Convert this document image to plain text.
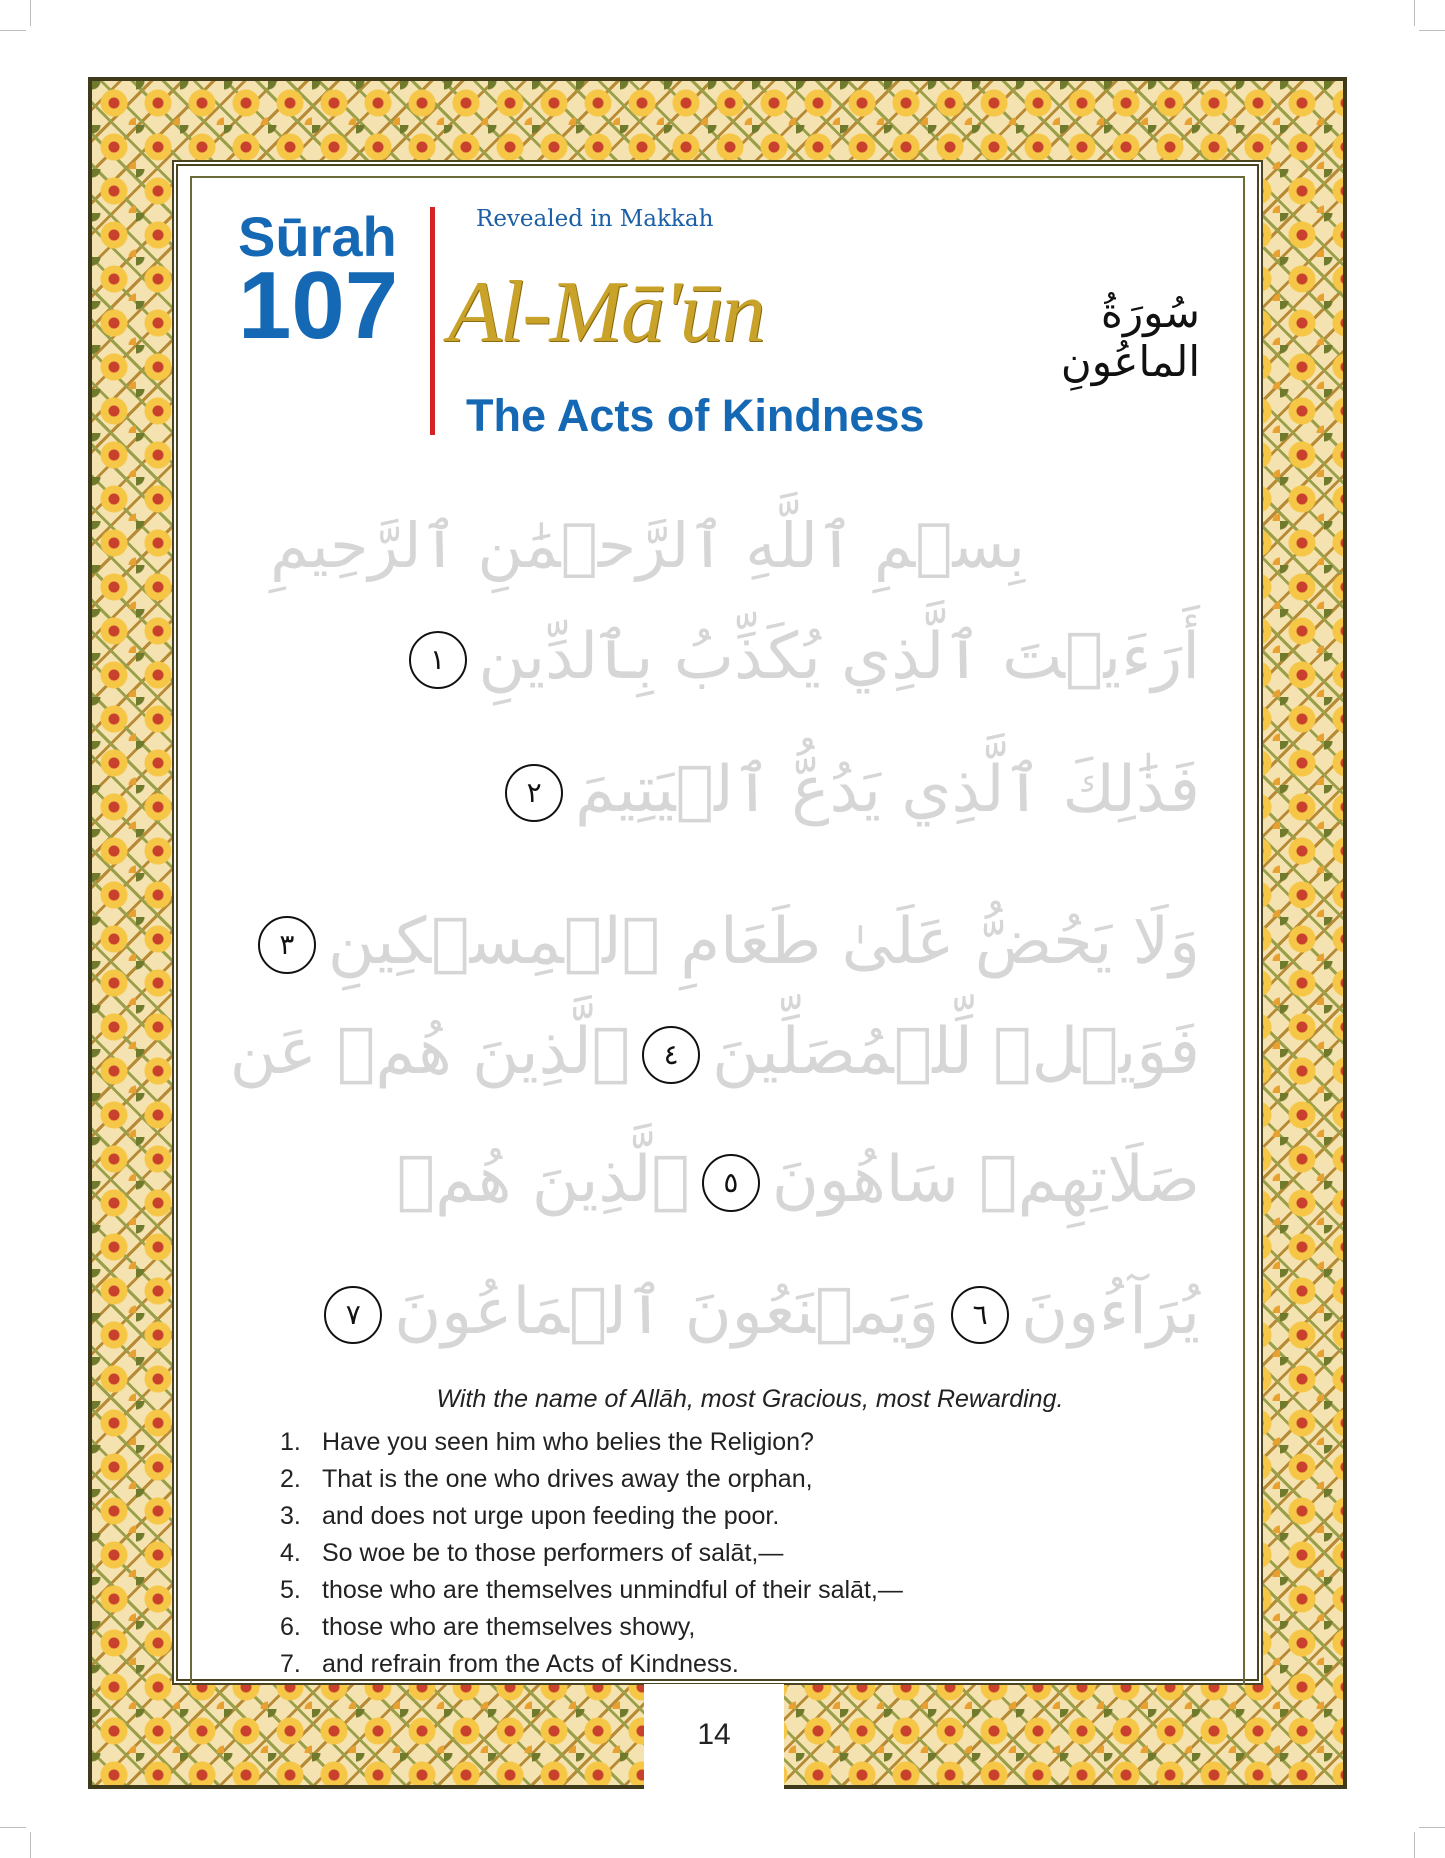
14
Sūrah
107
Revealed in Makkah
Al-Mā'ūn	سُورَةُ الماعُونِ
The Acts of Kindness
بِسۡمِ ٱللَّهِ ٱلرَّحۡمَٰنِ ٱلرَّحِيمِ
أَرَءَيۡتَ ٱلَّذِي يُكَذِّبُ بِٱلدِّينِ١
فَذَٰلِكَ ٱلَّذِي يَدُعُّ ٱلۡيَتِيمَ٢
وَلَا يَحُضُّ عَلَىٰ طَعَامِ ٱلۡمِسۡكِينِ٣
فَوَيۡلٞ لِّلۡمُصَلِّينَ٤ٱلَّذِينَ هُمۡ عَن
صَلَاتِهِمۡ سَاهُونَ٥ٱلَّذِينَ هُمۡ
يُرَآءُونَ٦وَيَمۡنَعُونَ ٱلۡمَاعُونَ٧
With the name of Allāh, most Gracious, most Rewarding.
1. Have you seen him who belies the Religion?
2. That is the one who drives away the orphan,
3. and does not urge upon feeding the poor.
4. So woe be to those performers of salāt,—
5. those who are themselves unmindful of their salāt,—
6. those who are themselves showy,
7. and refrain from the Acts of Kindness.
